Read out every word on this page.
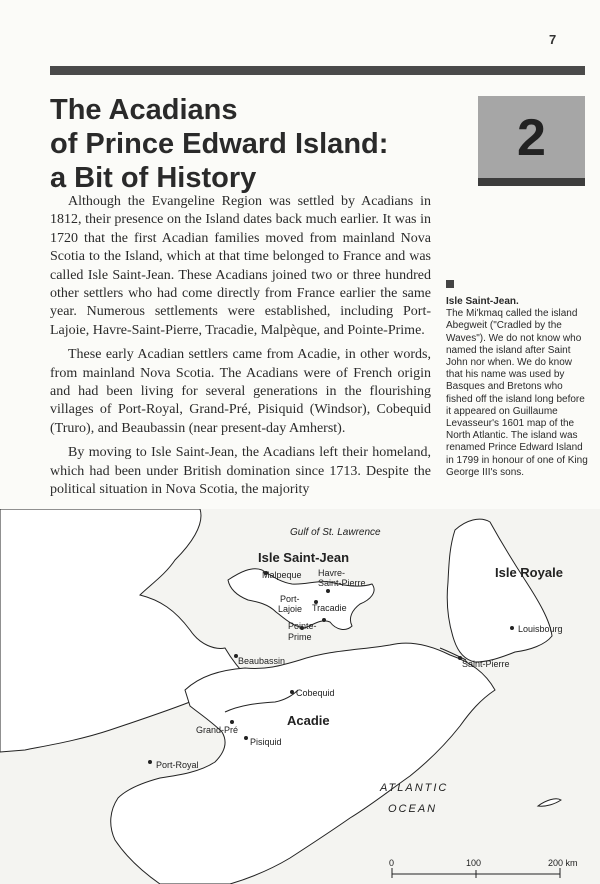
7
The Acadians
of Prince Edward Island:
a Bit of History
2

Although the Evangeline Region was settled by Acadians in 1812, their presence on the Island dates back much earlier. It was in 1720 that the first Acadian families moved from mainland Nova Scotia to the Island, which at that time belonged to France and was called Isle Saint-Jean. These Acadians joined two or three hundred other settlers who had come directly from France earlier the same year. Numerous settlements were established, including Port-Lajoie, Havre-Saint-Pierre, Tracadie, Malpèque, and Pointe-Prime.

These early Acadian settlers came from Acadie, in other words, from mainland Nova Scotia. The Acadians were of French origin and had been living for several generations in the flourishing villages of Port-Royal, Grand-Pré, Pisiquid (Windsor), Cobequid (Truro), and Beaubassin (near present-day Amherst).

By moving to Isle Saint-Jean, the Acadians left their homeland, which had been under British domination since 1713. Despite the political situation in Nova Scotia, the majority

Isle Saint-Jean.
The Mi'kmaq called the island Abegweit ("Cradled by the Waves"). We do not know who named the island after Saint John nor when. We do know that his name was used by Basques and Bretons who fished off the island long before it appeared on Guillaume Levasseur's 1601 map of the North Atlantic. The island was renamed Prince Edward Island in 1799 in honour of one of King George III's sons.
Gulf of St. Lawrence
Isle Saint-Jean
Isle Royale
Acadie
ATLANTIC
OCEAN
Malpeque Havre-
Saint-Pierre
Port-
Lajoie Tracadie
Pointe-
Prime
Louisbourg
Saint-Pierre
Beaubassin
Cobequid
Grand-Pré
Pisiquid
Port-Royal
0	100	200 km
